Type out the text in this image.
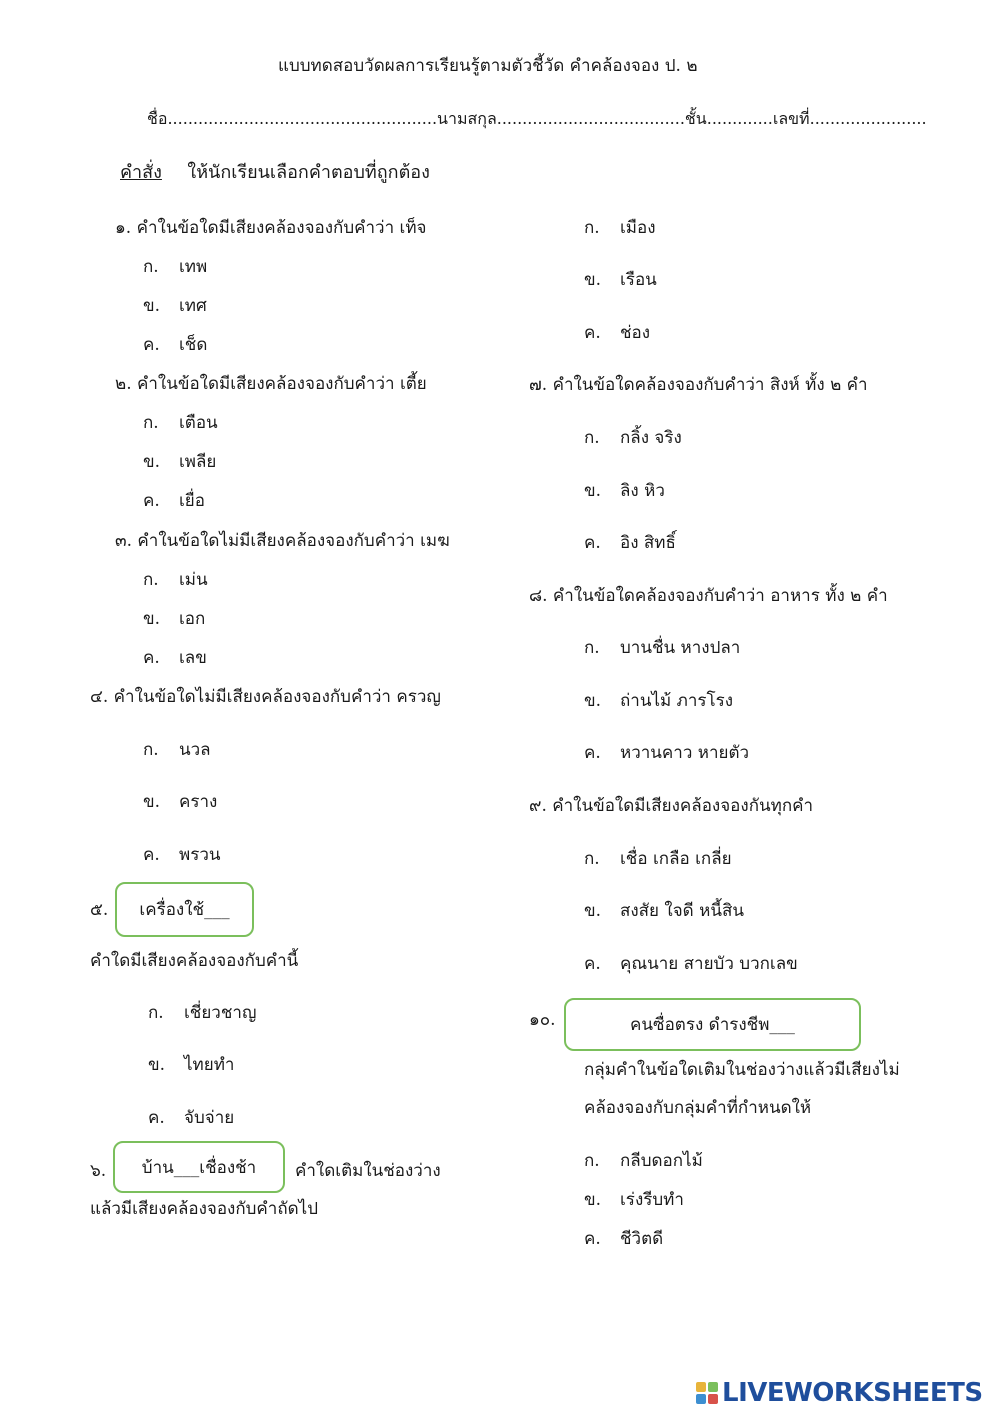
แบบทดสอบวัดผลการเรียนรู้ตามตัวชี้วัด คำคล้องจอง ป. ๒
ชื่อ.....................................................นามสกุล.....................................ชั้น.............เลขที่.......................
คำสั่ง ให้นักเรียนเลือกคำตอบที่ถูกต้อง
๑. คำในข้อใดมีเสียงคล้องจองกับคำว่า เท็จ
ก. เทพ
ข. เทศ
ค. เช็ด
๒. คำในข้อใดมีเสียงคล้องจองกับคำว่า เตี้ย
ก. เตือน
ข. เพลีย
ค. เยื่อ
๓. คำในข้อใดไม่มีเสียงคล้องจองกับคำว่า เมฆ
ก. เม่น
ข. เอก
ค. เลข
๔. คำในข้อใดไม่มีเสียงคล้องจองกับคำว่า ครวญ
ก. นวล
ข. คราง
ค. พรวน
๕.	เครื่องใช้___
คำใดมีเสียงคล้องจองกับคำนี้
ก. เชี่ยวชาญ
ข. ไทยทำ
ค. จับจ่าย
๖.	บ้าน___เชื่องช้า	คำใดเติมในช่องว่าง
แล้วมีเสียงคล้องจองกับคำถัดไป
ก. เมือง
ข. เรือน
ค. ช่อง
๗. คำในข้อใดคล้องจองกับคำว่า สิงห์ ทั้ง ๒ คำ
ก. กลิ้ง จริง
ข. ลิง หิว
ค. อิง สิทธิ์
๘. คำในข้อใดคล้องจองกับคำว่า อาหาร ทั้ง ๒ คำ
ก. บานชื่น หางปลา
ข. ถ่านไม้ ภารโรง
ค. หวานคาว หายตัว
๙. คำในข้อใดมีเสียงคล้องจองกันทุกคำ
ก. เชื่อ เกลือ เกลี่ย
ข. สงสัย ใจดี หนี้สิน
ค. คุณนาย สายบัว บวกเลข
๑๐.	คนซื่อตรง ดำรงชีพ___
กลุ่มคำในข้อใดเติมในช่องว่างแล้วมีเสียงไม่
คล้องจองกับกลุ่มคำที่กำหนดให้
ก. กลีบดอกไม้
ข. เร่งรีบทำ
ค. ชีวิตดี
LIVEWORKSHEETS
